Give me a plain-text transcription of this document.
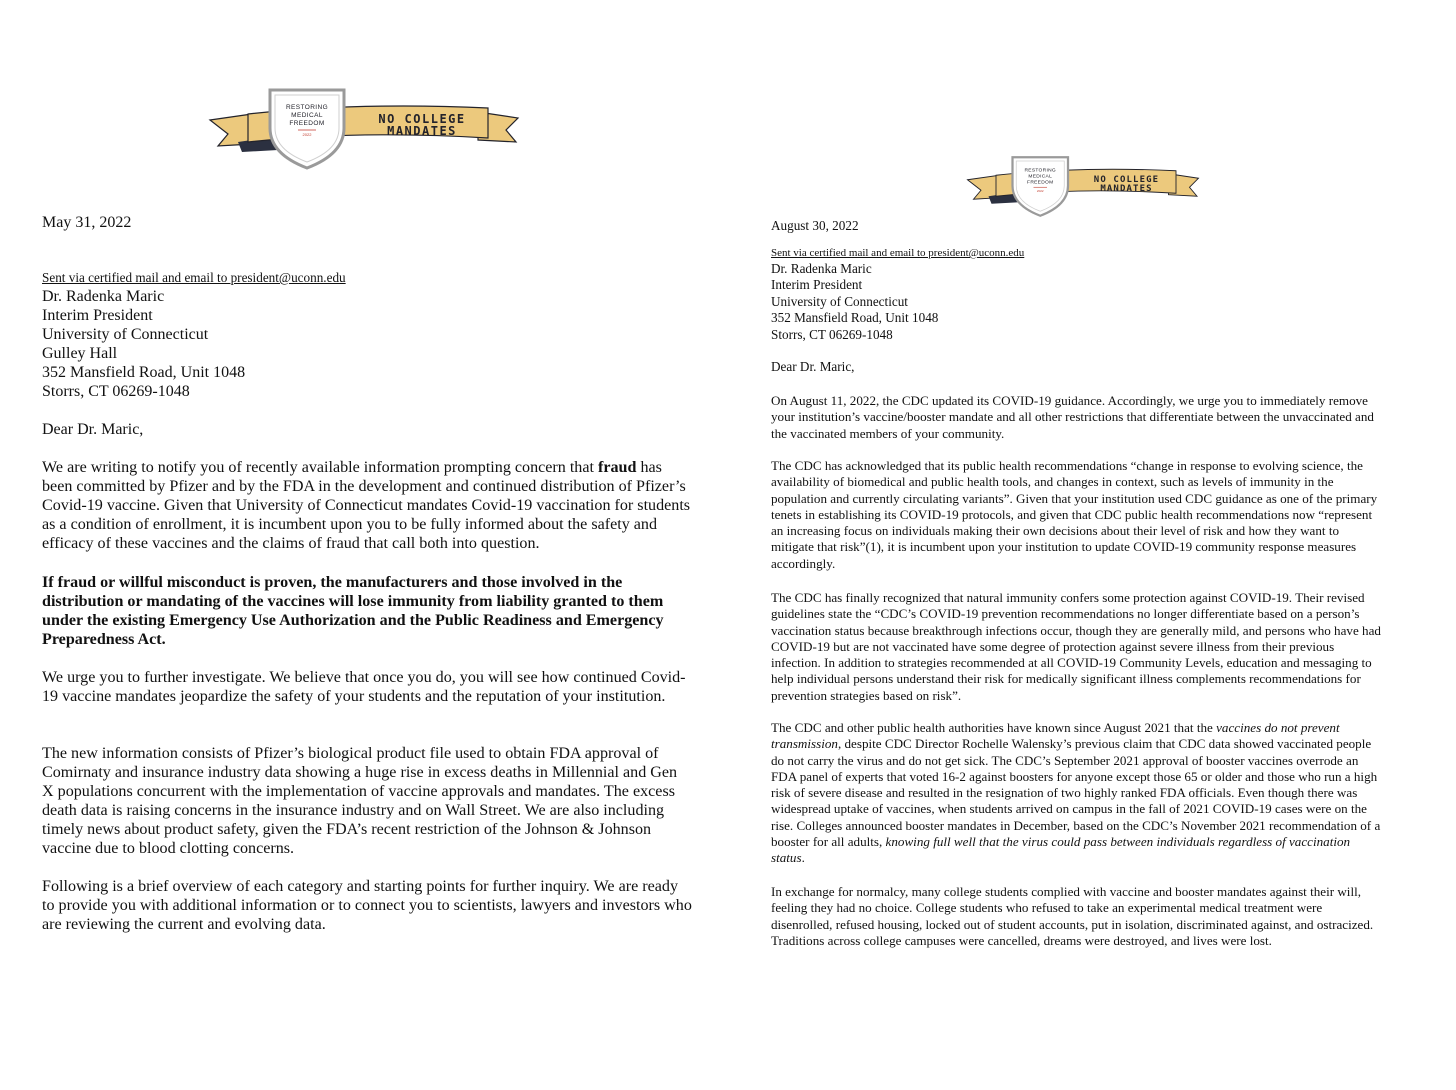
RESTORING
MEDICAL
FREEDOM
2022
NO COLLEGE
MANDATES
May 31, 2022
Sent via certified mail and email to president@uconn.edu
Dr. Radenka Maric
Interim President
University of Connecticut
Gulley Hall
352 Mansfield Road, Unit 1048
Storrs, CT 06269-1048
Dear Dr. Maric,

We are writing to notify you of recently available information prompting concern that fraud has been committed by Pfizer and by the FDA in the development and continued distribution of Pfizer’s Covid-19 vaccine. Given that University of Connecticut mandates Covid-19 vaccination for students as a condition of enrollment, it is incumbent upon you to be fully informed about the safety and efficacy of these vaccines and the claims of fraud that call both into question.

If fraud or willful misconduct is proven, the manufacturers and those involved in the distribution or mandating of the vaccines will lose immunity from liability granted to them under the existing Emergency Use Authorization and the Public Readiness and Emergency Preparedness Act.

We urge you to further investigate. We believe that once you do, you will see how continued Covid-19 vaccine mandates jeopardize the safety of your students and the reputation of your institution.
The new information consists of Pfizer’s biological product file used to obtain FDA approval of Comirnaty and insurance industry data showing a huge rise in excess deaths in Millennial and Gen X populations concurrent with the implementation of vaccine approvals and mandates. The excess death data is raising concerns in the insurance industry and on Wall Street. We are also including timely news about product safety, given the FDA’s recent restriction of the Johnson & Johnson vaccine due to blood clotting concerns.
Following is a brief overview of each category and starting points for further inquiry. We are ready to provide you with additional information or to connect you to scientists, lawyers and investors who are reviewing the current and evolving data.
RESTORING
MEDICAL
FREEDOM
2022
NO COLLEGE
MANDATES
August 30, 2022
Sent via certified mail and email to president@uconn.edu
Dr. Radenka Maric
Interim President
University of Connecticut
352 Mansfield Road, Unit 1048
Storrs, CT 06269-1048
Dear Dr. Maric,
On August 11, 2022, the CDC updated its COVID-19 guidance. Accordingly, we urge you to immediately remove your institution’s vaccine/booster mandate and all other restrictions that differentiate between the unvaccinated and the vaccinated members of your community.
The CDC has acknowledged that its public health recommendations “change in response to evolving science, the availability of biomedical and public health tools, and changes in context, such as levels of immunity in the population and currently circulating variants”. Given that your institution used CDC guidance as one of the primary tenets in establishing its COVID-19 protocols, and given that CDC public health recommendations now “represent an increasing focus on individuals making their own decisions about their level of risk and how they want to mitigate that risk”(1), it is incumbent upon your institution to update COVID-19 community response measures accordingly.
The CDC has finally recognized that natural immunity confers some protection against COVID-19. Their revised guidelines state the “CDC’s COVID-19 prevention recommendations no longer differentiate based on a person’s vaccination status because breakthrough infections occur, though they are generally mild, and persons who have had COVID-19 but are not vaccinated have some degree of protection against severe illness from their previous infection. In addition to strategies recommended at all COVID-19 Community Levels, education and messaging to help individual persons understand their risk for medically significant illness complements recommendations for prevention strategies based on risk”.

The CDC and other public health authorities have known since August 2021 that the vaccines do not prevent transmission, despite CDC Director Rochelle Walensky’s previous claim that CDC data showed vaccinated people do not carry the virus and do not get sick. The CDC’s September 2021 approval of booster vaccines overrode an FDA panel of experts that voted 16-2 against boosters for anyone except those 65 or older and those who run a high risk of severe disease and resulted in the resignation of two highly ranked FDA officials. Even though there was widespread uptake of vaccines, when students arrived on campus in the fall of 2021 COVID-19 cases were on the rise. Colleges announced booster mandates in December, based on the CDC’s November 2021 recommendation of a booster for all adults, knowing full well that the virus could pass between individuals regardless of vaccination status.

In exchange for normalcy, many college students complied with vaccine and booster mandates against their will, feeling they had no choice. College students who refused to take an experimental medical treatment were disenrolled, refused housing, locked out of student accounts, put in isolation, discriminated against, and ostracized. Traditions across college campuses were cancelled, dreams were destroyed, and lives were lost.
